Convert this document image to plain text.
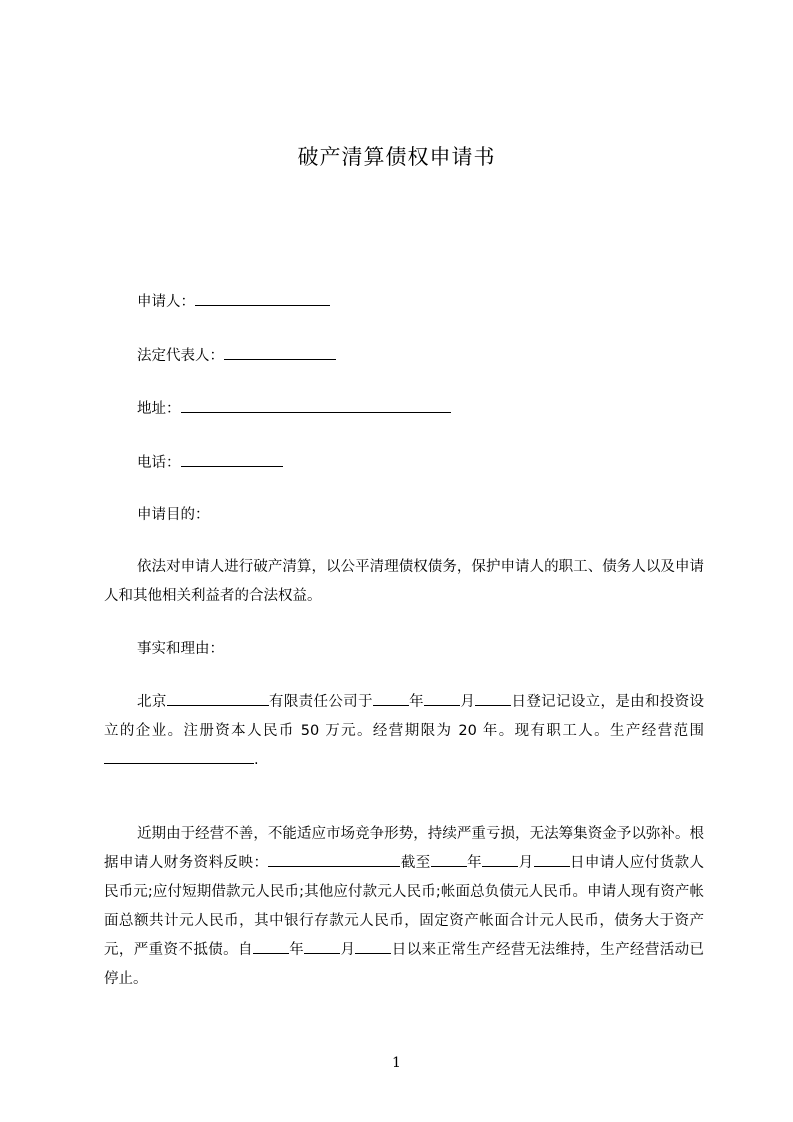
破产清算债权申请书
申请人：
法定代表人：
地址：
电话：
申请目的：

依法对申请人进行破产清算，以公平清理债权债务，保护申请人的职工、债务人以及申请人和其他相关利益者的合法权益。

事实和理由：

北京	有限责任公司于 年 月 日登记记设立，是由和投资设立的企业。注册资本人民币 50 万元。经营期限为 20 年。现有职工人。生产经营范围.

近期由于经营不善，不能适应市场竞争形势，持续严重亏损，无法筹集资金予以弥补。根据申请人财务资料反映：	截至 年 月 日申请人应付货款人民币元;应付短期借款元人民币;其他应付款元人民币;帐面总负债元人民币。申请人现有资产帐面总额共计元人民币，其中银行存款元人民币，固定资产帐面合计元人民币，债务大于资产元，严重资不抵债。自 年 月 日以来正常生产经营无法维持，生产经营活动已停止。

1
